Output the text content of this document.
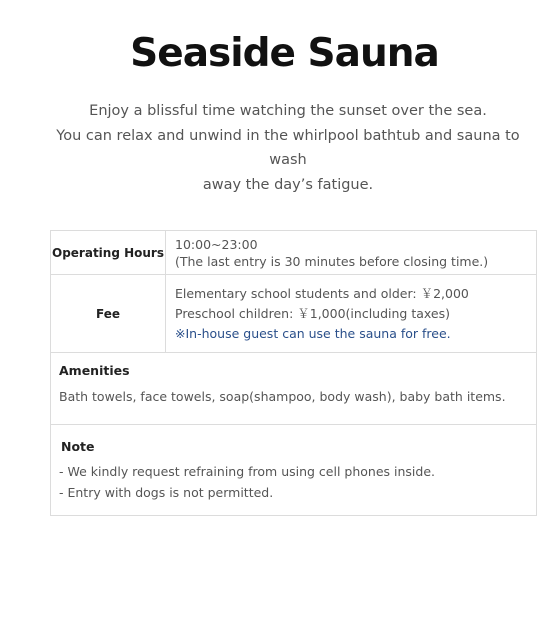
Seaside Sauna
Enjoy a blissful time watching the sunset over the sea.
You can relax and unwind in the whirlpool bathtub and sauna to wash
away the day’s fatigue.
Operating Hours
10:00~23:00
(The last entry is 30 minutes before closing time.)
Fee
Elementary school students and older: ￥2,000
Preschool children: ￥1,000(including taxes)
※In-house guest can use the sauna for free.
Amenities
Bath towels, face towels, soap(shampoo, body wash), baby bath items.
Note
- We kindly request refraining from using cell phones inside.
- Entry with dogs is not permitted.
